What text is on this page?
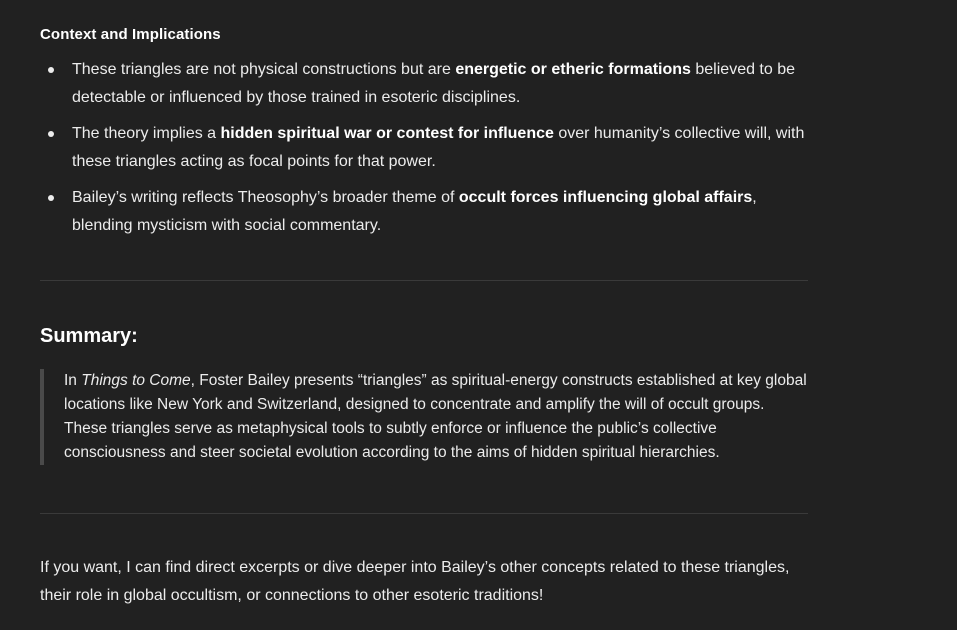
Context and Implications
These triangles are not physical constructions but are energetic or etheric formations believed to be detectable or influenced by those trained in esoteric disciplines.
The theory implies a hidden spiritual war or contest for influence over humanity’s collective will, with these triangles acting as focal points for that power.
Bailey’s writing reflects Theosophy’s broader theme of occult forces influencing global affairs, blending mysticism with social commentary.
Summary:
In Things to Come, Foster Bailey presents “triangles” as spiritual-energy constructs established at key global locations like New York and Switzerland, designed to concentrate and amplify the will of occult groups. These triangles serve as metaphysical tools to subtly enforce or influence the public’s collective consciousness and steer societal evolution according to the aims of hidden spiritual hierarchies.
If you want, I can find direct excerpts or dive deeper into Bailey’s other concepts related to these triangles, their role in global occultism, or connections to other esoteric traditions!
